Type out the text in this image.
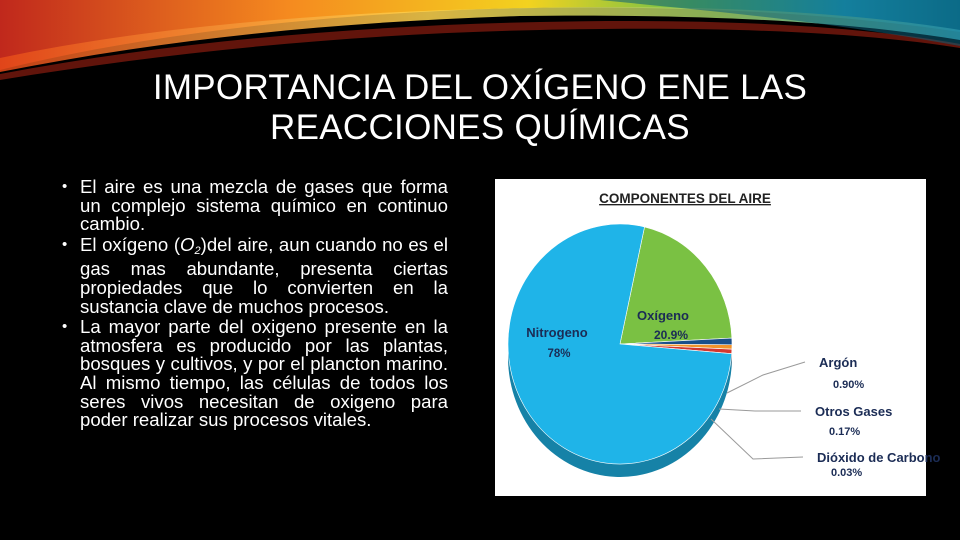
IMPORTANCIA DEL OXÍGENO ENE LAS
REACCIONES QUÍMICAS
• El aire es una mezcla de gases que forma un complejo sistema químico en continuo cambio.
• El oxígeno $(O_2)del$ aire, aun cuando no es el gas mas abundante, presenta ciertas propiedades que lo convierten en la sustancia clave de muchos procesos.
• La mayor parte del oxigeno presente en la atmosfera es producido por las plantas, bosques y cultivos, y por el plancton marino. Al mismo tiempo, las células de todos los seres vivos necesitan de oxigeno para poder realizar sus procesos vitales.
COMPONENTES DEL AIRE
Nitrogeno
78%
Oxígeno
20.9%
Argón
0.90%
Otros Gases
0.17%
Dióxido de Carbono
0.03%
